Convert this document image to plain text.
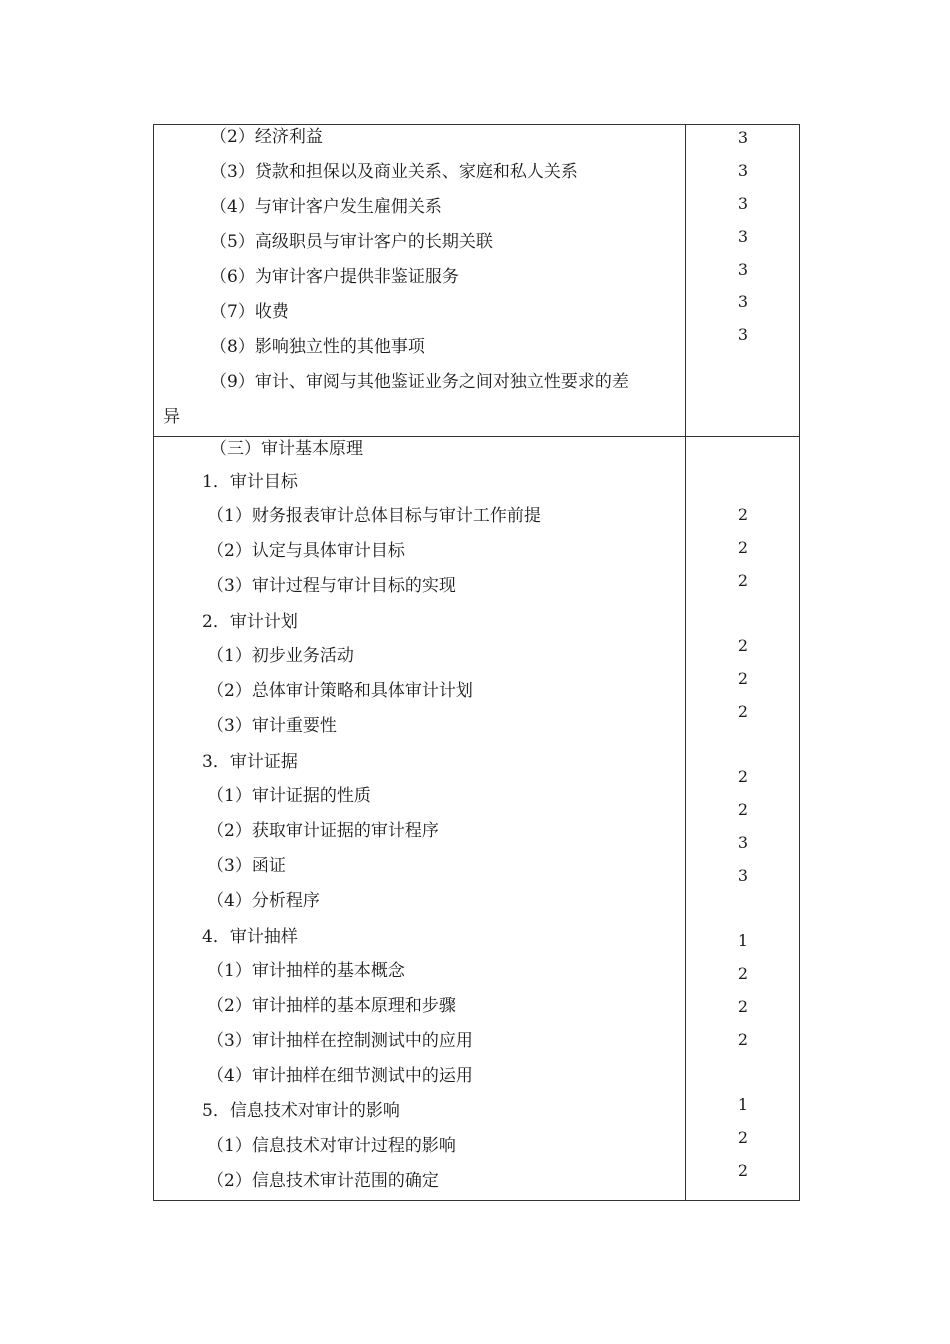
（2）经济利益
（3）贷款和担保以及商业关系、家庭和私人关系
（4）与审计客户发生雇佣关系
（5）高级职员与审计客户的长期关联
（6）为审计客户提供非鉴证服务
（7）收费
（8）影响独立性的其他事项
（9）审计、审阅与其他鉴证业务之间对独立性要求的差
异
3
3
3
3
3
3
3
（三）审计基本原理
1．审计目标
（1）财务报表审计总体目标与审计工作前提
（2）认定与具体审计目标
（3）审计过程与审计目标的实现
2．审计计划
（1）初步业务活动
（2）总体审计策略和具体审计计划
（3）审计重要性
3．审计证据
（1）审计证据的性质
（2）获取审计证据的审计程序
（3）函证
（4）分析程序
4．审计抽样
（1）审计抽样的基本概念
（2）审计抽样的基本原理和步骤
（3）审计抽样在控制测试中的应用
（4）审计抽样在细节测试中的运用
5．信息技术对审计的影响
（1）信息技术对审计过程的影响
（2）信息技术审计范围的确定
2
2
2
2
2
2
2
2
3
3
1
2
2
2
1
2
2
